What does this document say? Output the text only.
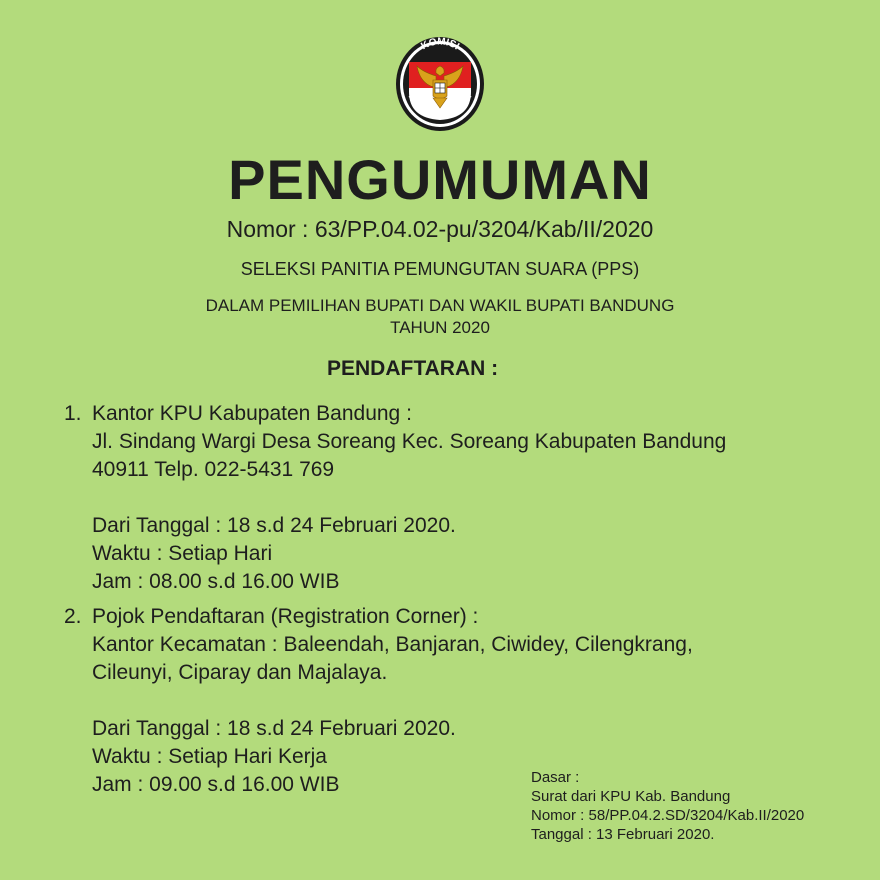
KOMISI
PEMILIHAN UMUM
PENGUMUMAN
Nomor : 63/PP.04.02-pu/3204/Kab/II/2020
SELEKSI PANITIA PEMUNGUTAN SUARA (PPS)
DALAM PEMILIHAN BUPATI DAN WAKIL BUPATI BANDUNG
TAHUN 2020
PENDAFTARAN :
1. Kantor KPU Kabupaten Bandung :
Jl. Sindang Wargi Desa Soreang Kec. Soreang Kabupaten Bandung
40911 Telp. 022-5431 769
Dari Tanggal : 18 s.d 24 Februari 2020.
Waktu : Setiap Hari
Jam : 08.00 s.d 16.00 WIB
2. Pojok Pendaftaran (Registration Corner) :
Kantor Kecamatan : Baleendah, Banjaran, Ciwidey, Cilengkrang,
Cileunyi, Ciparay dan Majalaya.
Dari Tanggal : 18 s.d 24 Februari 2020.
Waktu : Setiap Hari Kerja
Jam : 09.00 s.d 16.00 WIB	Dasar :
Surat dari KPU Kab. Bandung
Nomor : 58/PP.04.2.SD/3204/Kab.II/2020
Tanggal : 13 Februari 2020.
